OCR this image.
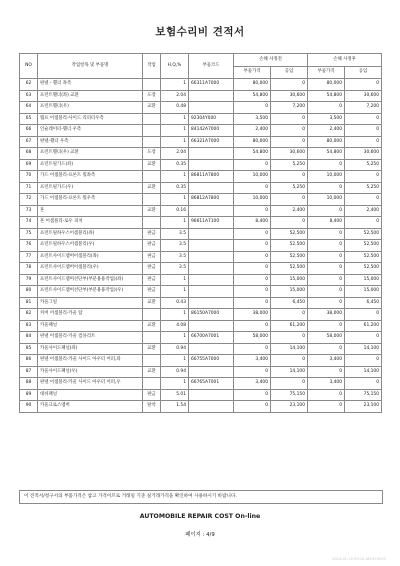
보험수리비 견적서
NO	작업항목 및 부품명	작업	H,Q,%	부품코드	손해 사정전		손해 사정후	
					부품가격	공임	부품가격	공임
62	판넬 - 휀더 좌측		1	66311A7000	80,000	0	80,000	0
63	프런트휀더(좌) 교환	도장	2.04		54,800	30,600	54,800	30,600
64	프런트휀더(우)	교환	0.48		0	7,200	0	7,200
65	랩프 어셈블리-사이드 리피터우측		1	92304Y000	3,500	0	3,500	0
66	인슐레이터-휀더 우측		1	84142A7000	2,400	0	2,400	0
67	판넬-휀더 우측		1	66321A7000	80,000	0	80,000	0
68	프런트휀더(우) 교환	도장	2.04		54,800	30,600	54,800	30,600
69	프런트필가드(좌)	교환	0.35		0	5,250	0	5,250
70	가드 어셈블리-프론트 휠좌측		1	86811A7800	10,000	0	10,000	0
71	프런트필가드(우)	교환	0.35		0	5,250	0	5,250
72	가드 어셈블리-프론트 휠우측		1	86812A7800	10,000	0	10,000	0
73	혼	교환	0.16		0	2,400	0	2,400
74	혼 어셈블리-로우 피치		1	96611A7100	8,400	0	8,400	0
75	프런트필하우스어셈블리(좌)	판금	3.5		0	52,500	0	52,500
76	프런트필하우스어셈블리(우)	판금	3.5		0	52,500	0	52,500
77	프런트사이드멤버어셈블리(좌)	판금	3.5		0	52,500	0	52,500
78	프런트사이드멤버어셈블리(우)	판금	3.5		0	52,500	0	52,500
79	프런트사이드멤버선단부(부분용용작업)(좌)	판금	1		0	15,000	0	15,000
80	프런트사이드멤버선단부(부분용용작업)(우)	판금	1		0	15,000	0	15,000
81	카울그릴	교환	0.43		0	6,450	0	6,450
82	커버 어셈블리-카울 탑		1	86150A7000	38,000	0	38,000	0
83	카울패널	교환	4.08		0	61,200	0	61,200
84	판넬 어셈블리-카울 컴플리트		1	66700A7001	58,000	0	58,000	0
85	카울사이드패널(좌)	교환	0.94		0	14,100	0	14,100
86	판넬 어셈블리-카울 사이드 아우터 어퍼,좌		1	66755A7000	3,400	0	3,400	0
87	카울사이드패널(우)	교환	0.94		0	14,100	0	14,100
88	판넬 어셈블리-카울 사이드 아우터 어퍼,우		1	66765A7001	3,400	0	3,400	0
89	대쉬패널	판금	5.01		0	75,150	0	75,150
90	카울크로스멤버	탈착	1.54		0	23,100	0	23,100
이 견적서/청구서의 부품가격은 참고 가격이므로 거래일 기준 실거래가격을 확인하여 사용하시기 바랍니다.
AUTOMOBILE REPAIR COST On-line
페이지 : 4/9
2024-01-15 09:13 AM 870001
